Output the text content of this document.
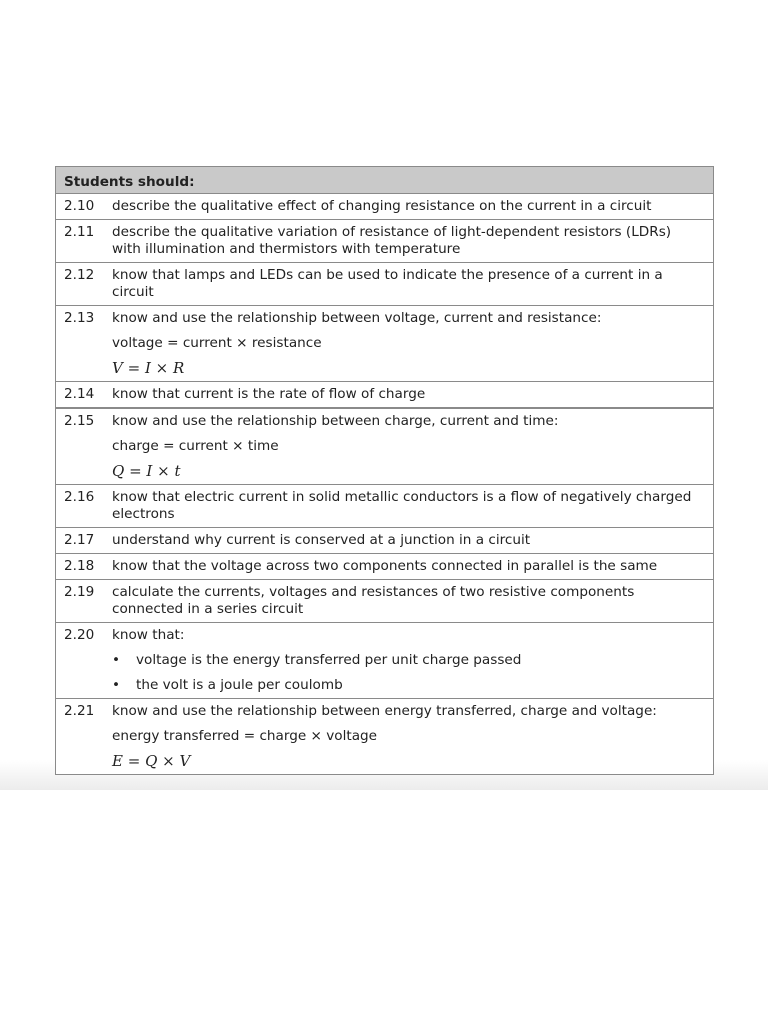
Students should:
2.10	describe the qualitative effect of changing resistance on the current in a circuit
2.11	describe the qualitative variation of resistance of light-dependent resistors (LDRs) with illumination and thermistors with temperature
2.12	know that lamps and LEDs can be used to indicate the presence of a current in a circuit
2.13	know and use the relationship between voltage, current and resistance:
voltage = current × resistance
V = I × R
2.14	know that current is the rate of flow of charge
2.15	know and use the relationship between charge, current and time:
charge = current × time
Q = I × t
2.16	know that electric current in solid metallic conductors is a flow of negatively charged electrons
2.17	understand why current is conserved at a junction in a circuit
2.18	know that the voltage across two components connected in parallel is the same
2.19	calculate the currents, voltages and resistances of two resistive components connected in a series circuit
2.20	know that:
•	voltage is the energy transferred per unit charge passed
•	the volt is a joule per coulomb
2.21	know and use the relationship between energy transferred, charge and voltage:
energy transferred = charge × voltage
E = Q × V
